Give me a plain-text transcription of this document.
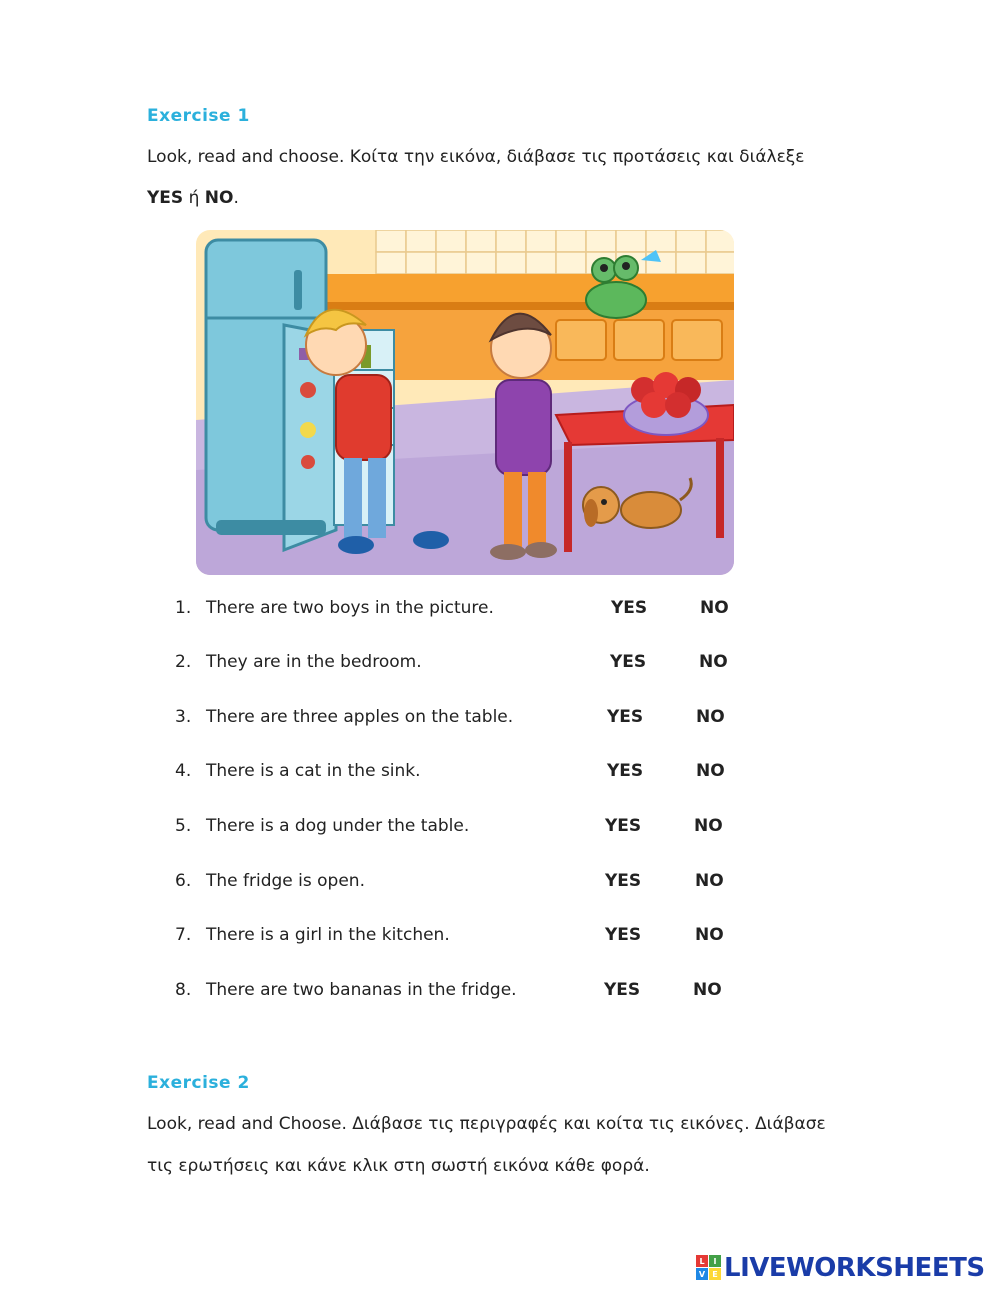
Exercise 1
Look, read and choose. Κοίτα την εικόνα, διάβασε τις προτάσεις και διάλεξε
YES ή NO.
1. There are two boys in the picture.	YES	NO
2. They are in the bedroom.	YES	NO
3. There are three apples on the table.	YES	NO
4. There is a cat in the sink.	YES	NO
5. There is a dog under the table.	YES	NO
6. The fridge is open.	YES	NO
7. There is a girl in the kitchen.	YES	NO
8. There are two bananas in the fridge.	YES	NO
Exercise 2
Look, read and Choose. Διάβασε τις περιγραφές και κοίτα τις εικόνες. Διάβασε
τις ερωτήσεις και κάνε κλικ στη σωστή εικόνα κάθε φορά.
L I
V E LIVEWORKSHEETS
